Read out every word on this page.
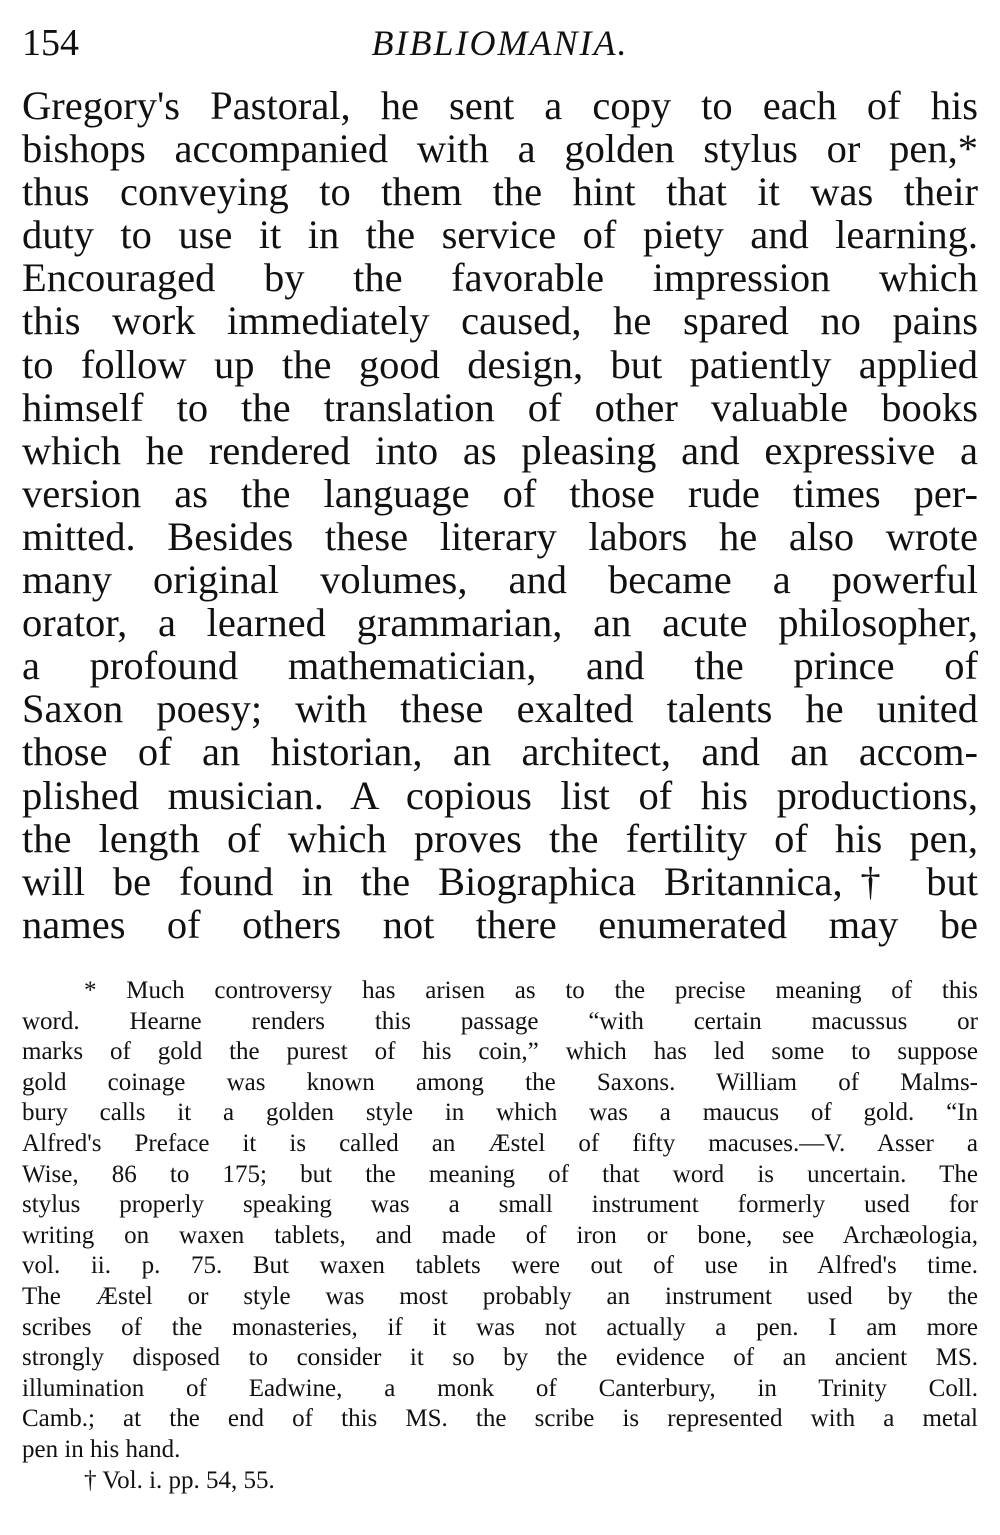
154	BIBLIOMANIA.
Gregory's Pastoral, he sent a copy to each of his
bishops accompanied with a golden stylus or pen,*
thus conveying to them the hint that it was their
duty to use it in the service of piety and learning.
Encouraged by the favorable impression which
this work immediately caused, he spared no pains
to follow up the good design, but patiently applied
himself to the translation of other valuable books
which he rendered into as pleasing and expressive a
version as the language of those rude times per-
mitted. Besides these literary labors he also wrote
many original volumes, and became a powerful
orator, a learned grammarian, an acute philosopher,
a profound mathematician, and the prince of
Saxon poesy; with these exalted talents he united
those of an historian, an architect, and an accom-
plished musician. A copious list of his productions,
the length of which proves the fertility of his pen,
will be found in the Biographica Britannica,† but
names of others not there enumerated may be
* Much controversy has arisen as to the precise meaning of this
word. Hearne renders this passage “with certain macussus or
marks of gold the purest of his coin,” which has led some to suppose
gold coinage was known among the Saxons. William of Malms-
bury calls it a golden style in which was a maucus of gold. “In
Alfred's Preface it is called an Æstel of fifty macuses.—V. Asser a
Wise, 86 to 175; but the meaning of that word is uncertain. The
stylus properly speaking was a small instrument formerly used for
writing on waxen tablets, and made of iron or bone, see Archæologia,
vol. ii. p. 75. But waxen tablets were out of use in Alfred's time.
The Æstel or style was most probably an instrument used by the
scribes of the monasteries, if it was not actually a pen. I am more
strongly disposed to consider it so by the evidence of an ancient MS.
illumination of Eadwine, a monk of Canterbury, in Trinity Coll.
Camb.; at the end of this MS. the scribe is represented with a metal
pen in his hand.
† Vol. i. pp. 54, 55.
